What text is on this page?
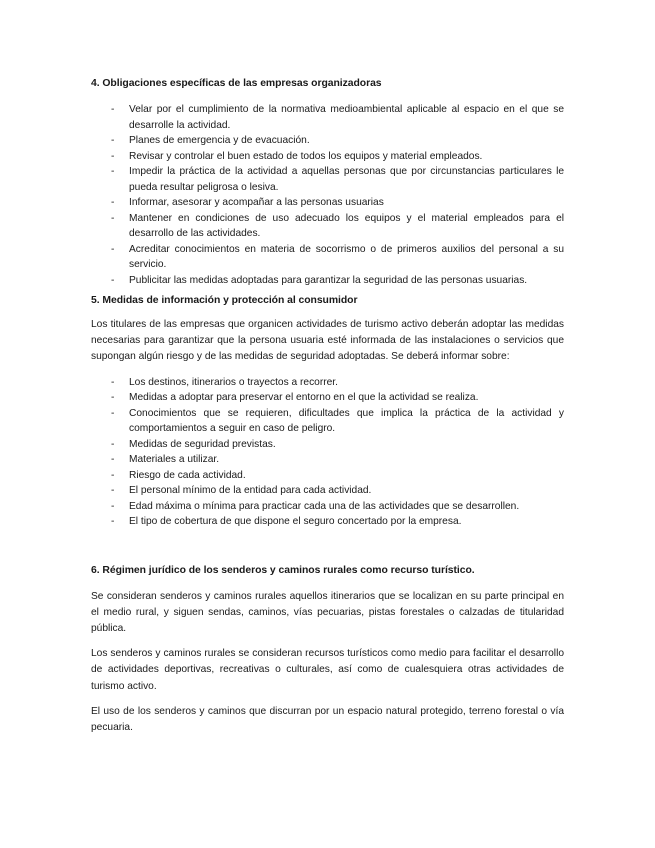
4. Obligaciones específicas de las empresas organizadoras
- Velar por el cumplimiento de la normativa medioambiental aplicable al espacio en el que se desarrolle la actividad.
- Planes de emergencia y de evacuación.
- Revisar y controlar el buen estado de todos los equipos y material empleados.
- Impedir la práctica de la actividad a aquellas personas que por circunstancias particulares le pueda resultar peligrosa o lesiva.
- Informar, asesorar y acompañar a las personas usuarias
- Mantener en condiciones de uso adecuado los equipos y el material empleados para el desarrollo de las actividades.
- Acreditar conocimientos en materia de socorrismo o de primeros auxilios del personal a su servicio.
- Publicitar las medidas adoptadas para garantizar la seguridad de las personas usuarias.
5. Medidas de información y protección al consumidor

Los titulares de las empresas que organicen actividades de turismo activo deberán adoptar las medidas necesarias para garantizar que la persona usuaria esté informada de las instalaciones o servicios que supongan algún riesgo y de las medidas de seguridad adoptadas. Se deberá informar sobre:

- Los destinos, itinerarios o trayectos a recorrer.
- Medidas a adoptar para preservar el entorno en el que la actividad se realiza.
- Conocimientos que se requieren, dificultades que implica la práctica de la actividad y comportamientos a seguir en caso de peligro.
- Medidas de seguridad previstas.
- Materiales a utilizar.
- Riesgo de cada actividad.
- El personal mínimo de la entidad para cada actividad.
- Edad máxima o mínima para practicar cada una de las actividades que se desarrollen.
- El tipo de cobertura de que dispone el seguro concertado por la empresa.
6. Régimen jurídico de los senderos y caminos rurales como recurso turístico.

Se consideran senderos y caminos rurales aquellos itinerarios que se localizan en su parte principal en el medio rural, y siguen sendas, caminos, vías pecuarias, pistas forestales o calzadas de titularidad pública.

Los senderos y caminos rurales se consideran recursos turísticos como medio para facilitar el desarrollo de actividades deportivas, recreativas o culturales, así como de cualesquiera otras actividades de turismo activo.

El uso de los senderos y caminos que discurran por un espacio natural protegido, terreno forestal o vía pecuaria.
